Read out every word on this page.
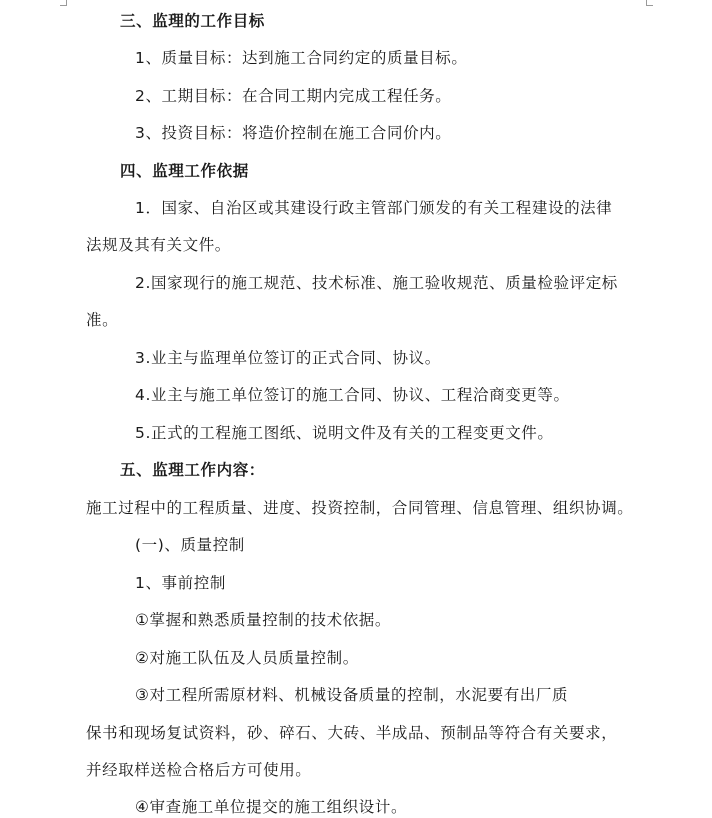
三、监理的工作目标
1、质量目标：达到施工合同约定的质量目标。
2、工期目标：在合同工期内完成工程任务。
3、投资目标：将造价控制在施工合同价内。
四、监理工作依据
1．国家、自治区或其建设行政主管部门颁发的有关工程建设的法律
法规及其有关文件。
2.国家现行的施工规范、技术标准、施工验收规范、质量检验评定标
准。
3.业主与监理单位签订的正式合同、协议。
4.业主与施工单位签订的施工合同、协议、工程洽商变更等。
5.正式的工程施工图纸、说明文件及有关的工程变更文件。
五、监理工作内容：
施工过程中的工程质量、进度、投资控制，合同管理、信息管理、组织协调。
(一)、质量控制
1、事前控制
①掌握和熟悉质量控制的技术依据。
②对施工队伍及人员质量控制。
③对工程所需原材料、机械设备质量的控制，水泥要有出厂质
保书和现场复试资料，砂、碎石、大砖、半成品、预制品等符合有关要求，
并经取样送检合格后方可使用。
④审查施工单位提交的施工组织设计。
